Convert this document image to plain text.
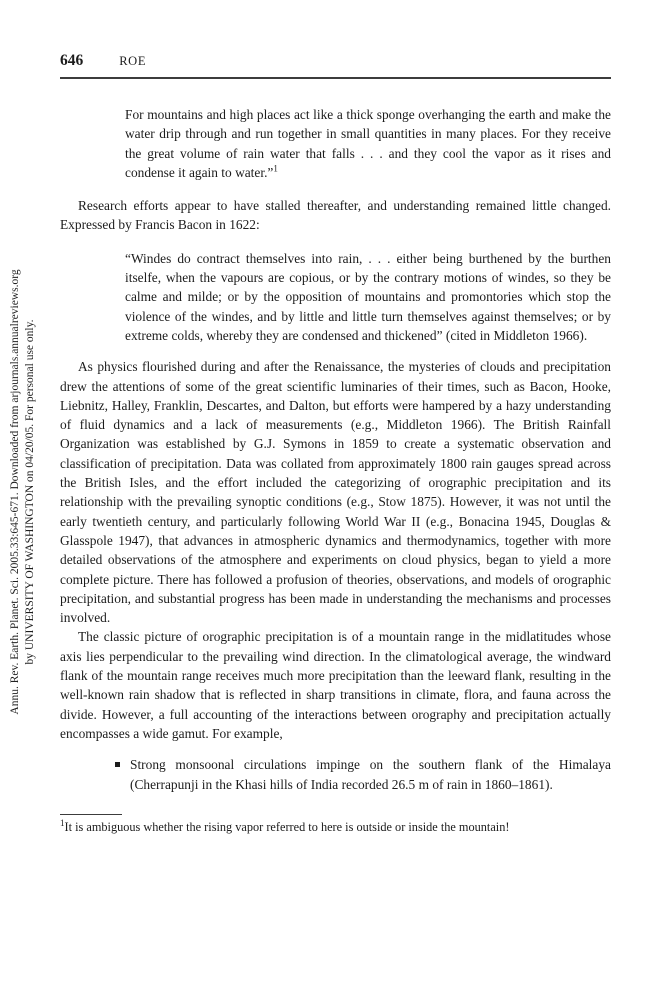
Annu. Rev. Earth. Planet. Sci. 2005.33:645-671. Downloaded from arjournals.annualreviews.org by UNIVERSITY OF WASHINGTON on 04/20/05. For personal use only.
646	ROE
For mountains and high places act like a thick sponge overhanging the earth and make the water drip through and run together in small quantities in many places. For they receive the great volume of rain water that falls . . . and they cool the vapor as it rises and condense it again to water.”$^1$
Research efforts appear to have stalled thereafter, and understanding remained little changed. Expressed by Francis Bacon in 1622:
“Windes do contract themselves into rain, . . . either being burthened by the burthen itselfe, when the vapours are copious, or by the contrary motions of windes, so they be calme and milde; or by the opposition of mountains and promontories which stop the violence of the windes, and by little and little turn themselves against themselves; or by extreme colds, whereby they are condensed and thickened” (cited in Middleton 1966).
As physics flourished during and after the Renaissance, the mysteries of clouds and precipitation drew the attentions of some of the great scientific luminaries of their times, such as Bacon, Hooke, Liebnitz, Halley, Franklin, Descartes, and Dalton, but efforts were hampered by a hazy understanding of fluid dynamics and a lack of measurements (e.g., Middleton 1966). The British Rainfall Organization was established by G.J. Symons in 1859 to create a systematic observation and classification of precipitation. Data was collated from approximately 1800 rain gauges spread across the British Isles, and the effort included the categorizing of orographic precipitation and its relationship with the prevailing synoptic conditions (e.g., Stow 1875). However, it was not until the early twentieth century, and particularly following World War II (e.g., Bonacina 1945, Douglas & Glasspole 1947), that advances in atmospheric dynamics and thermodynamics, together with more detailed observations of the atmosphere and experiments on cloud physics, began to yield a more complete picture. There has followed a profusion of theories, observations, and models of orographic precipitation, and substantial progress has been made in understanding the mechanisms and processes involved.
The classic picture of orographic precipitation is of a mountain range in the midlatitudes whose axis lies perpendicular to the prevailing wind direction. In the climatological average, the windward flank of the mountain range receives much more precipitation than the leeward flank, resulting in the well-known rain shadow that is reflected in sharp transitions in climate, flora, and fauna across the divide. However, a full accounting of the interactions between orography and precipitation actually encompasses a wide gamut. For example,
Strong monsoonal circulations impinge on the southern flank of the Himalaya (Cherrapunji in the Khasi hills of India recorded 26.5 m of rain in 1860–1861).
$^1$It is ambiguous whether the rising vapor referred to here is outside or inside the mountain!
